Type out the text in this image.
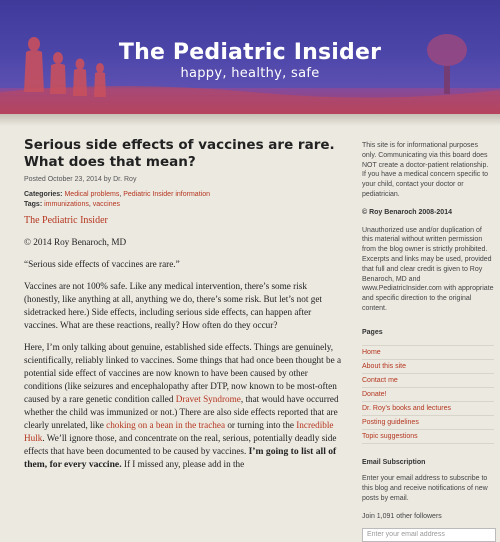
The Pediatric Insider
happy, healthy, safe
Serious side effects of vaccines are rare. What does that mean?
Posted October 23, 2014 by Dr. Roy
Categories: Medical problems, Pediatric Insider information
Tags: immunizations, vaccines

The Pediatric Insider

© 2014 Roy Benaroch, MD

“Serious side effects of vaccines are rare.”

Vaccines are not 100% safe. Like any medical intervention, there’s some risk (honestly, like anything at all, anything we do, there’s some risk. But let’s not get sidetracked here.) Side effects, including serious side effects, can happen after vaccines. What are these reactions, really? How often do they occur?

Here, I’m only talking about genuine, established side effects. Things are genuinely, scientifically, reliably linked to vaccines. Some things that had once been thought be a potential side effect of vaccines are now known to have been caused by other conditions (like seizures and encephalopathy after DTP, now known to be most-often caused by a rare genetic condition called Dravet Syndrome, that would have occurred whether the child was immunized or not.) There are also side effects reported that are clearly unrelated, like choking on a bean in the trachea or turning into the Incredible Hulk. We’ll ignore those, and concentrate on the real, serious, potentially deadly side effects that have been documented to be caused by vaccines. I’m going to list all of them, for every vaccine. If I missed any, please add in the

This site is for informational purposes only. Communicating via this board does NOT create a doctor-patient relationship. If you have a medical concern specific to your child, contact your doctor or pediatrician.

© Roy Benaroch 2008-2014

Unauthorized use and/or duplication of this material without written permission from the blog owner is strictly prohibited. Excerpts and links may be used, provided that full and clear credit is given to Roy Benaroch, MD and www.PediatricInsider.com with appropriate and specific direction to the original content.

Pages
Home
About this site
Contact me
Donate!
Dr. Roy’s books and lectures
Posting guidelines
Topic suggestions
Email Subscription

Enter your email address to subscribe to this blog and receive notifications of new posts by email.

Join 1,091 other followers
Enter your email address
